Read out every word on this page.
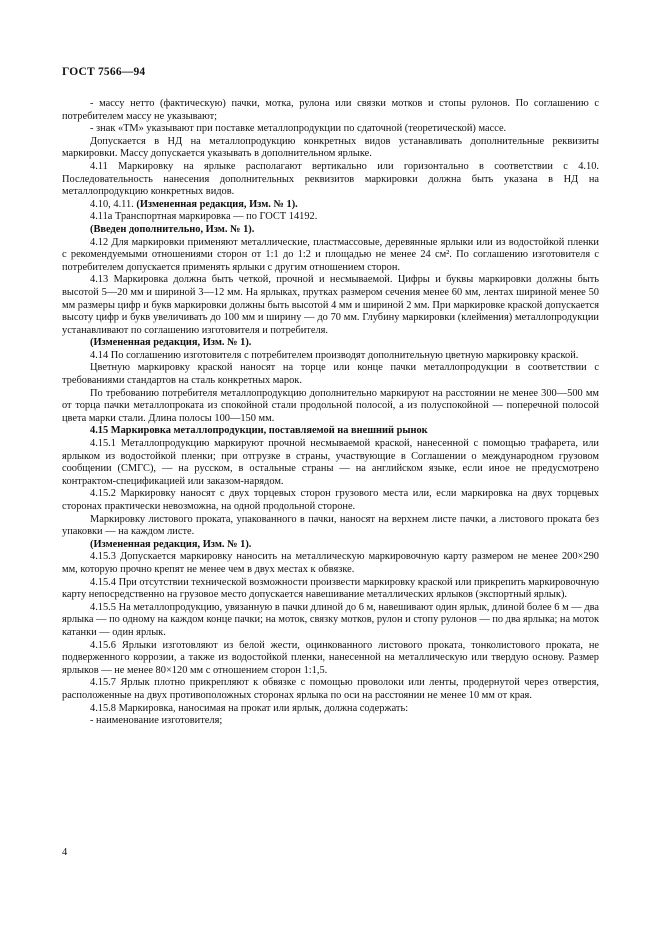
ГОСТ 7566—94

- массу нетто (фактическую) пачки, мотка, рулона или связки мотков и стопы рулонов. По соглашению с потребителем массу не указывают;

- знак «ТМ» указывают при поставке металлопродукции по сдаточной (теоретической) массе.

Допускается в НД на металлопродукцию конкретных видов устанавливать дополнительные реквизиты маркировки. Массу допускается указывать в дополнительном ярлыке.

4.11 Маркировку на ярлыке располагают вертикально или горизонтально в соответствии с 4.10. Последовательность нанесения дополнительных реквизитов маркировки должна быть указана в НД на металлопродукцию конкретных видов.

4.10, 4.11. (Измененная редакция, Изм. № 1).

4.11а Транспортная маркировка — по ГОСТ 14192.

(Введен дополнительно, Изм. № 1).

4.12 Для маркировки применяют металлические, пластмассовые, деревянные ярлыки или из водостойкой пленки с рекомендуемыми отношениями сторон от 1:1 до 1:2 и площадью не менее 24 см². По соглашению изготовителя с потребителем допускается применять ярлыки с другим отношением сторон.

4.13 Маркировка должна быть четкой, прочной и несмываемой. Цифры и буквы маркировки должны быть высотой 5—20 мм и шириной 3—12 мм. На ярлыках, прутках размером сечения менее 60 мм, лентах шириной менее 50 мм размеры цифр и букв маркировки должны быть высотой 4 мм и шириной 2 мм. При маркировке краской допускается высоту цифр и букв увеличивать до 100 мм и ширину — до 70 мм. Глубину маркировки (клеймения) металлопродукции устанавливают по соглашению изготовителя и потребителя.

(Измененная редакция, Изм. № 1).

4.14 По соглашению изготовителя с потребителем производят дополнительную цветную маркировку краской.

Цветную маркировку краской наносят на торце или конце пачки металлопродукции в соответствии с требованиями стандартов на сталь конкретных марок.

По требованию потребителя металлопродукцию дополнительно маркируют на расстоянии не менее 300—500 мм от торца пачки металлопроката из спокойной стали продольной полосой, а из полуспокойной — поперечной полосой цвета марки стали. Длина полосы 100—150 мм.

4.15 Маркировка металлопродукции, поставляемой на внешний рынок

4.15.1 Металлопродукцию маркируют прочной несмываемой краской, нанесенной с помощью трафарета, или ярлыком из водостойкой пленки; при отгрузке в страны, участвующие в Соглашении о международном грузовом сообщении (СМГС), — на русском, в остальные страны — на английском языке, если иное не предусмотрено контрактом-спецификацией или заказом-нарядом.

4.15.2 Маркировку наносят с двух торцевых сторон грузового места или, если маркировка на двух торцевых сторонах практически невозможна, на одной продольной стороне.

Маркировку листового проката, упакованного в пачки, наносят на верхнем листе пачки, а листового проката без упаковки — на каждом листе.

(Измененная редакция, Изм. № 1).

4.15.3 Допускается маркировку наносить на металлическую маркировочную карту размером не менее 200×290 мм, которую прочно крепят не менее чем в двух местах к обвязке.

4.15.4 При отсутствии технической возможности произвести маркировку краской или прикрепить маркировочную карту непосредственно на грузовое место допускается навешивание металлических ярлыков (экспортный ярлык).

4.15.5 На металлопродукцию, увязанную в пачки длиной до 6 м, навешивают один ярлык, длиной более 6 м — два ярлыка — по одному на каждом конце пачки; на моток, связку мотков, рулон и стопу рулонов — по два ярлыка; на моток катанки — один ярлык.

4.15.6 Ярлыки изготовляют из белой жести, оцинкованного листового проката, тонколистового проката, не подверженного коррозии, а также из водостойкой пленки, нанесенной на металлическую или твердую основу. Размер ярлыков — не менее 80×120 мм с отношением сторон 1:1,5.

4.15.7 Ярлык плотно прикрепляют к обвязке с помощью проволоки или ленты, продернутой через отверстия, расположенные на двух противоположных сторонах ярлыка по оси на расстоянии не менее 10 мм от края.

4.15.8 Маркировка, наносимая на прокат или ярлык, должна содержать:

- наименование изготовителя;

4
